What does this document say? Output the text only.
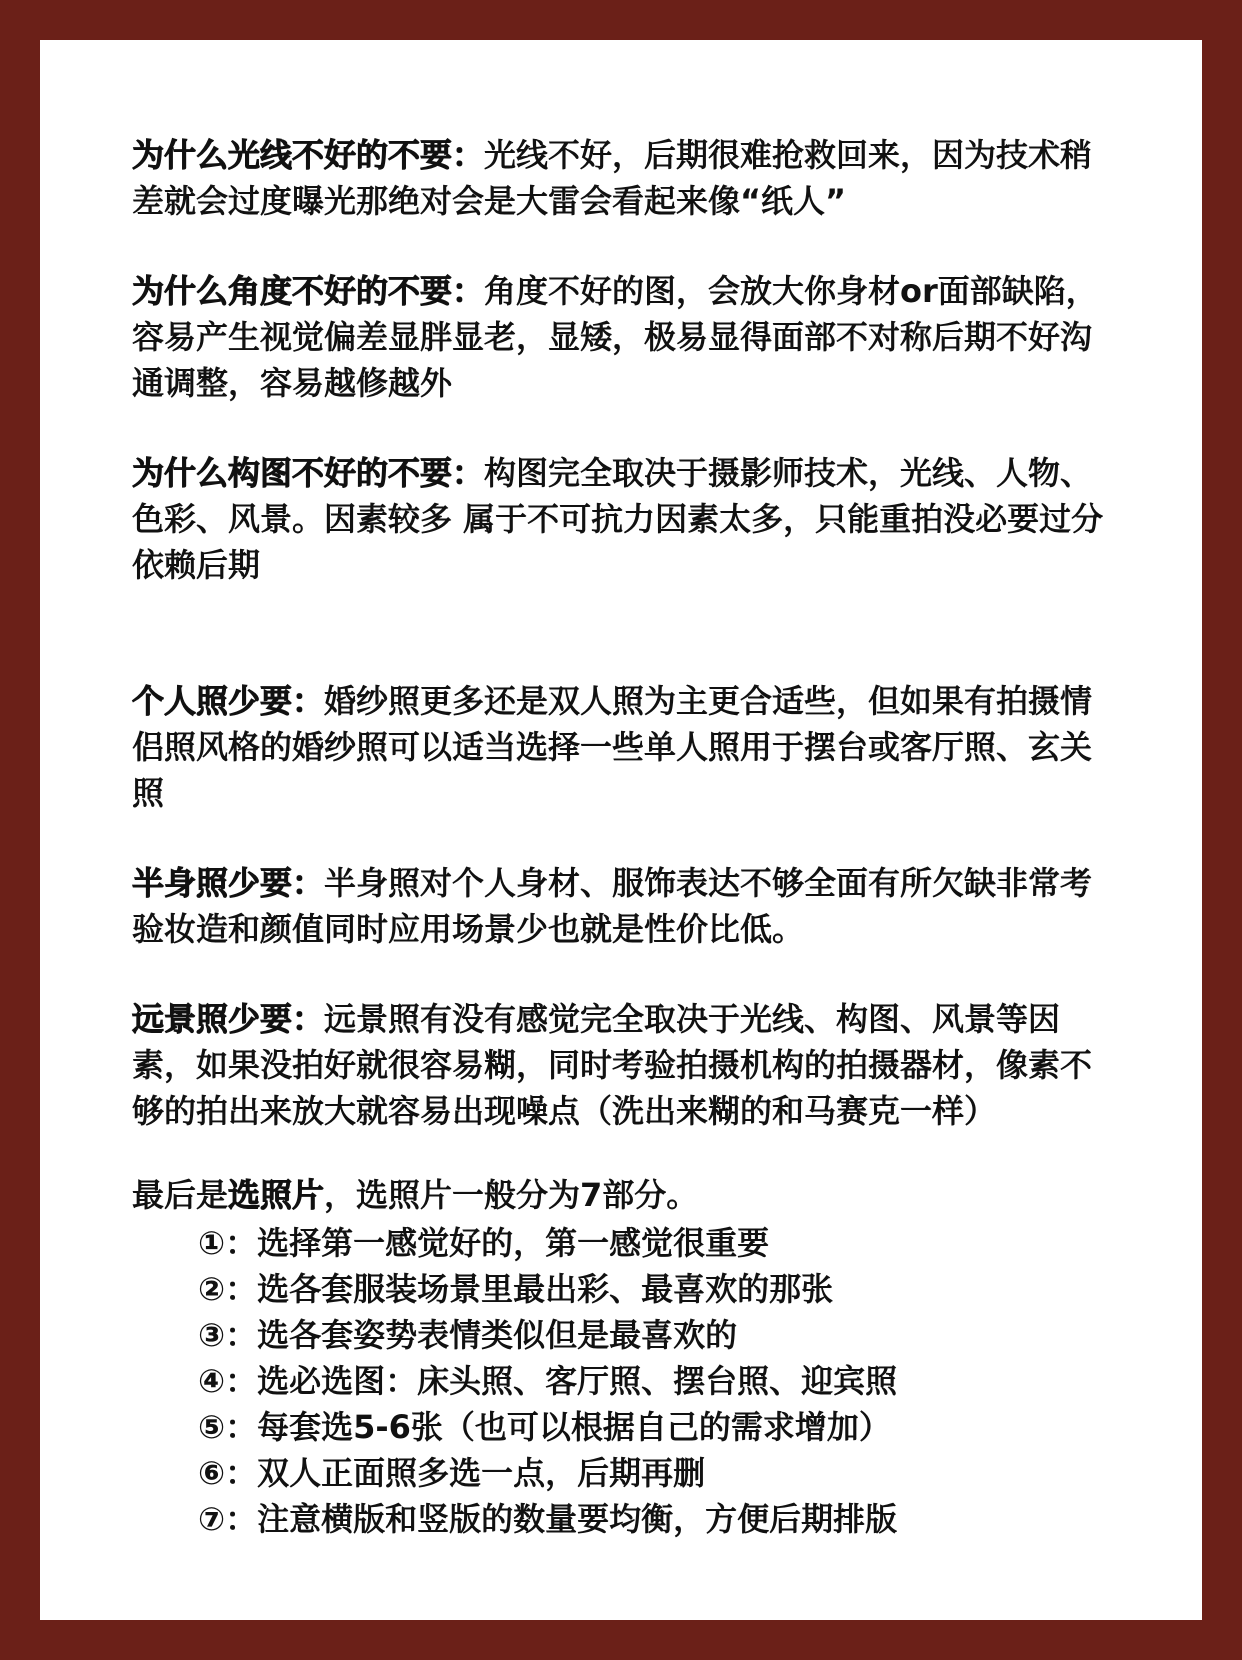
为什么光线不好的不要：光线不好，后期很难抢救回来，因为技术稍差就会过度曝光那绝对会是大雷会看起来像“纸人”

为什么角度不好的不要：角度不好的图，会放大你身材or面部缺陷，容易产生视觉偏差显胖显老，显矮，极易显得面部不对称后期不好沟通调整，容易越修越外

为什么构图不好的不要：构图完全取决于摄影师技术，光线、人物、色彩、风景。因素较多 属于不可抗力因素太多，只能重拍没必要过分依赖后期

个人照少要：婚纱照更多还是双人照为主更合适些，但如果有拍摄情侣照风格的婚纱照可以适当选择一些单人照用于摆台或客厅照、玄关照

半身照少要：半身照对个人身材、服饰表达不够全面有所欠缺非常考验妆造和颜值同时应用场景少也就是性价比低。

远景照少要：远景照有没有感觉完全取决于光线、构图、风景等因素，如果没拍好就很容易糊，同时考验拍摄机构的拍摄器材，像素不够的拍出来放大就容易出现噪点（洗出来糊的和马赛克一样）

最后是选照片，选照片一般分为7部分。

①：选择第一感觉好的，第一感觉很重要
②：选各套服装场景里最出彩、最喜欢的那张
③：选各套姿势表情类似但是最喜欢的
④：选必选图：床头照、客厅照、摆台照、迎宾照
⑤：每套选5-6张（也可以根据自己的需求增加）
⑥：双人正面照多选一点，后期再删
⑦：注意横版和竖版的数量要均衡，方便后期排版
